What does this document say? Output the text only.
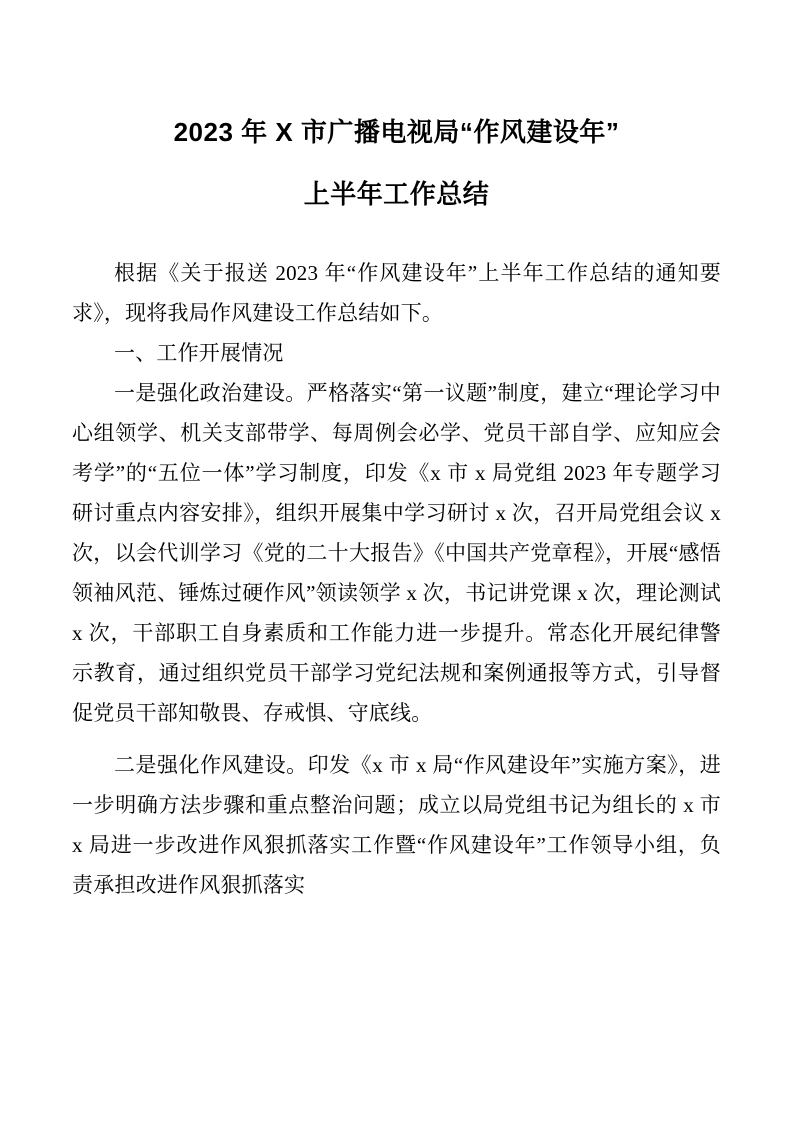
2023 年 X 市广播电视局“作风建设年”
上半年工作总结

根据《关于报送 2023 年“作风建设年”上半年工作总结的通知要求》，现将我局作风建设工作总结如下。

一、工作开展情况

一是强化政治建设。严格落实“第一议题”制度，建立“理论学习中心组领学、机关支部带学、每周例会必学、党员干部自学、应知应会考学”的“五位一体”学习制度，印发《x 市 x 局党组 2023 年专题学习研讨重点内容安排》，组织开展集中学习研讨 x 次，召开局党组会议 x 次，以会代训学习《党的二十大报告》《中国共产党章程》，开展“感悟领袖风范、锤炼过硬作风”领读领学 x 次，书记讲党课 x 次，理论测试 x 次，干部职工自身素质和工作能力进一步提升。常态化开展纪律警示教育，通过组织党员干部学习党纪法规和案例通报等方式，引导督促党员干部知敬畏、存戒惧、守底线。

二是强化作风建设。印发《x 市 x 局“作风建设年”实施方案》，进一步明确方法步骤和重点整治问题；成立以局党组书记为组长的 x 市 x 局进一步改进作风狠抓落实工作暨“作风建设年”工作领导小组，负责承担改进作风狠抓落实
